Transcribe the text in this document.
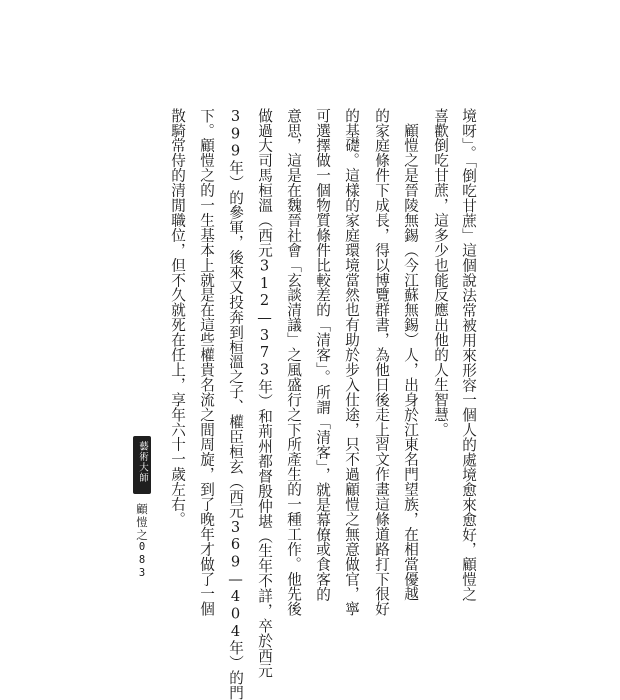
境呀」。「倒吃甘蔗」這個說法常被用來形容一個人的處境愈來愈好，顧愷之
喜歡倒吃甘蔗，這多少也能反應出他的人生智慧。
　顧愷之是晉陵無錫（今江蘇無錫）人，出身於江東名門望族，在相當優越
的家庭條件下成長，得以博覽群書，為他日後走上習文作畫這條道路打下很好
的基礎。這樣的家庭環境當然也有助於步入仕途，只不過顧愷之無意做官，寧
可選擇做一個物質條件比較差的「清客」。所謂「清客」，就是幕僚或食客的
意思，這是在魏晉社會「玄談清議」之風盛行之下所產生的一種工作。他先後
做過大司馬桓溫（西元312—373年）和荊州都督殷仲堪（生年不詳，卒於西元
399年）的參軍，後來又投奔到桓溫之子、權臣桓玄（西元369—404年）的門
下。顧愷之的一生基本上就是在這些權貴名流之間周旋，到了晚年才做了一個
散騎常侍的清閒職位，但不久就死在任上，享年六十一歲左右。
藝術大師
顧愷之
083
